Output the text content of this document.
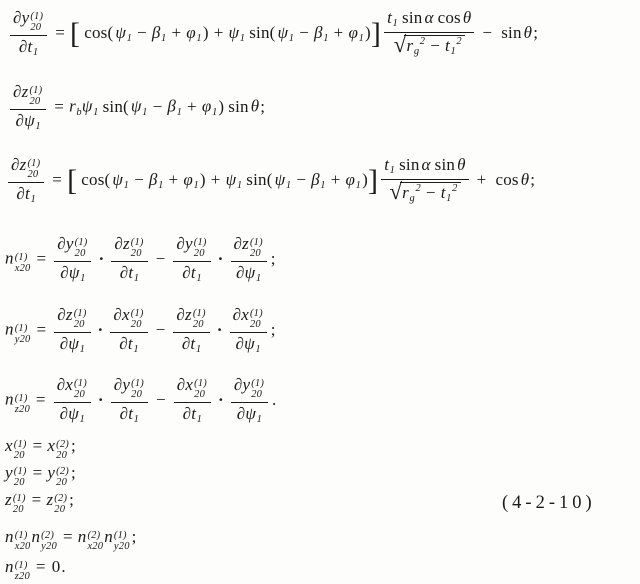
∂y (1)
20
∂t1 = [ cos( ψ1 − β1 + φ1) + ψ1 sin( $\psi 1 - \beta 1 + \varphi 1)] \frac{\text{t1 sin α cos θ}}{√ rg^2 - t1^2} - \sin \theta$;
∂z (1)
20
∂ψ1 = rbψ1 sin( ψ1 − β1 + φ1) sin θ;
∂z (1)
20
∂t1 = [ cos( ψ1 − β1 + φ1) + ψ1 sin( $\psi 1 - \beta 1 + \varphi 1)] \frac{\text{t1 sin α sin θ}}{√ rg^2 - t1^2} + \cos \theta$;
n (1)
x20
= ∂y (1)
20
∂ψ1 · ∂z (1)
20
∂t1 − ∂y (1)
20
∂t1 · ∂z (1)
20
∂ψ1 ;
n (1)
y20
= ∂z (1)
20
∂ψ1 · ∂x (1)
20
∂t1 − ∂z (1)
20
∂t1 · ∂x (1)
20
∂ψ1 ;
n (1)
z20
= ∂x (1)
20
∂ψ1 · ∂y (1)
20
∂t1 − ∂x (1)
20
∂t1 · ∂y (1)
20
∂ψ1 .
x (1)
20
= x (2)
20
;
y (1)
20
= y (2)
20
;
z (1)
20
= z (2)
20
;	(4-2-10)
n (1)
x20
n (2)
y20
= n (2)
x20
n (1)
y20
;
n (1)
z20
= 0.
